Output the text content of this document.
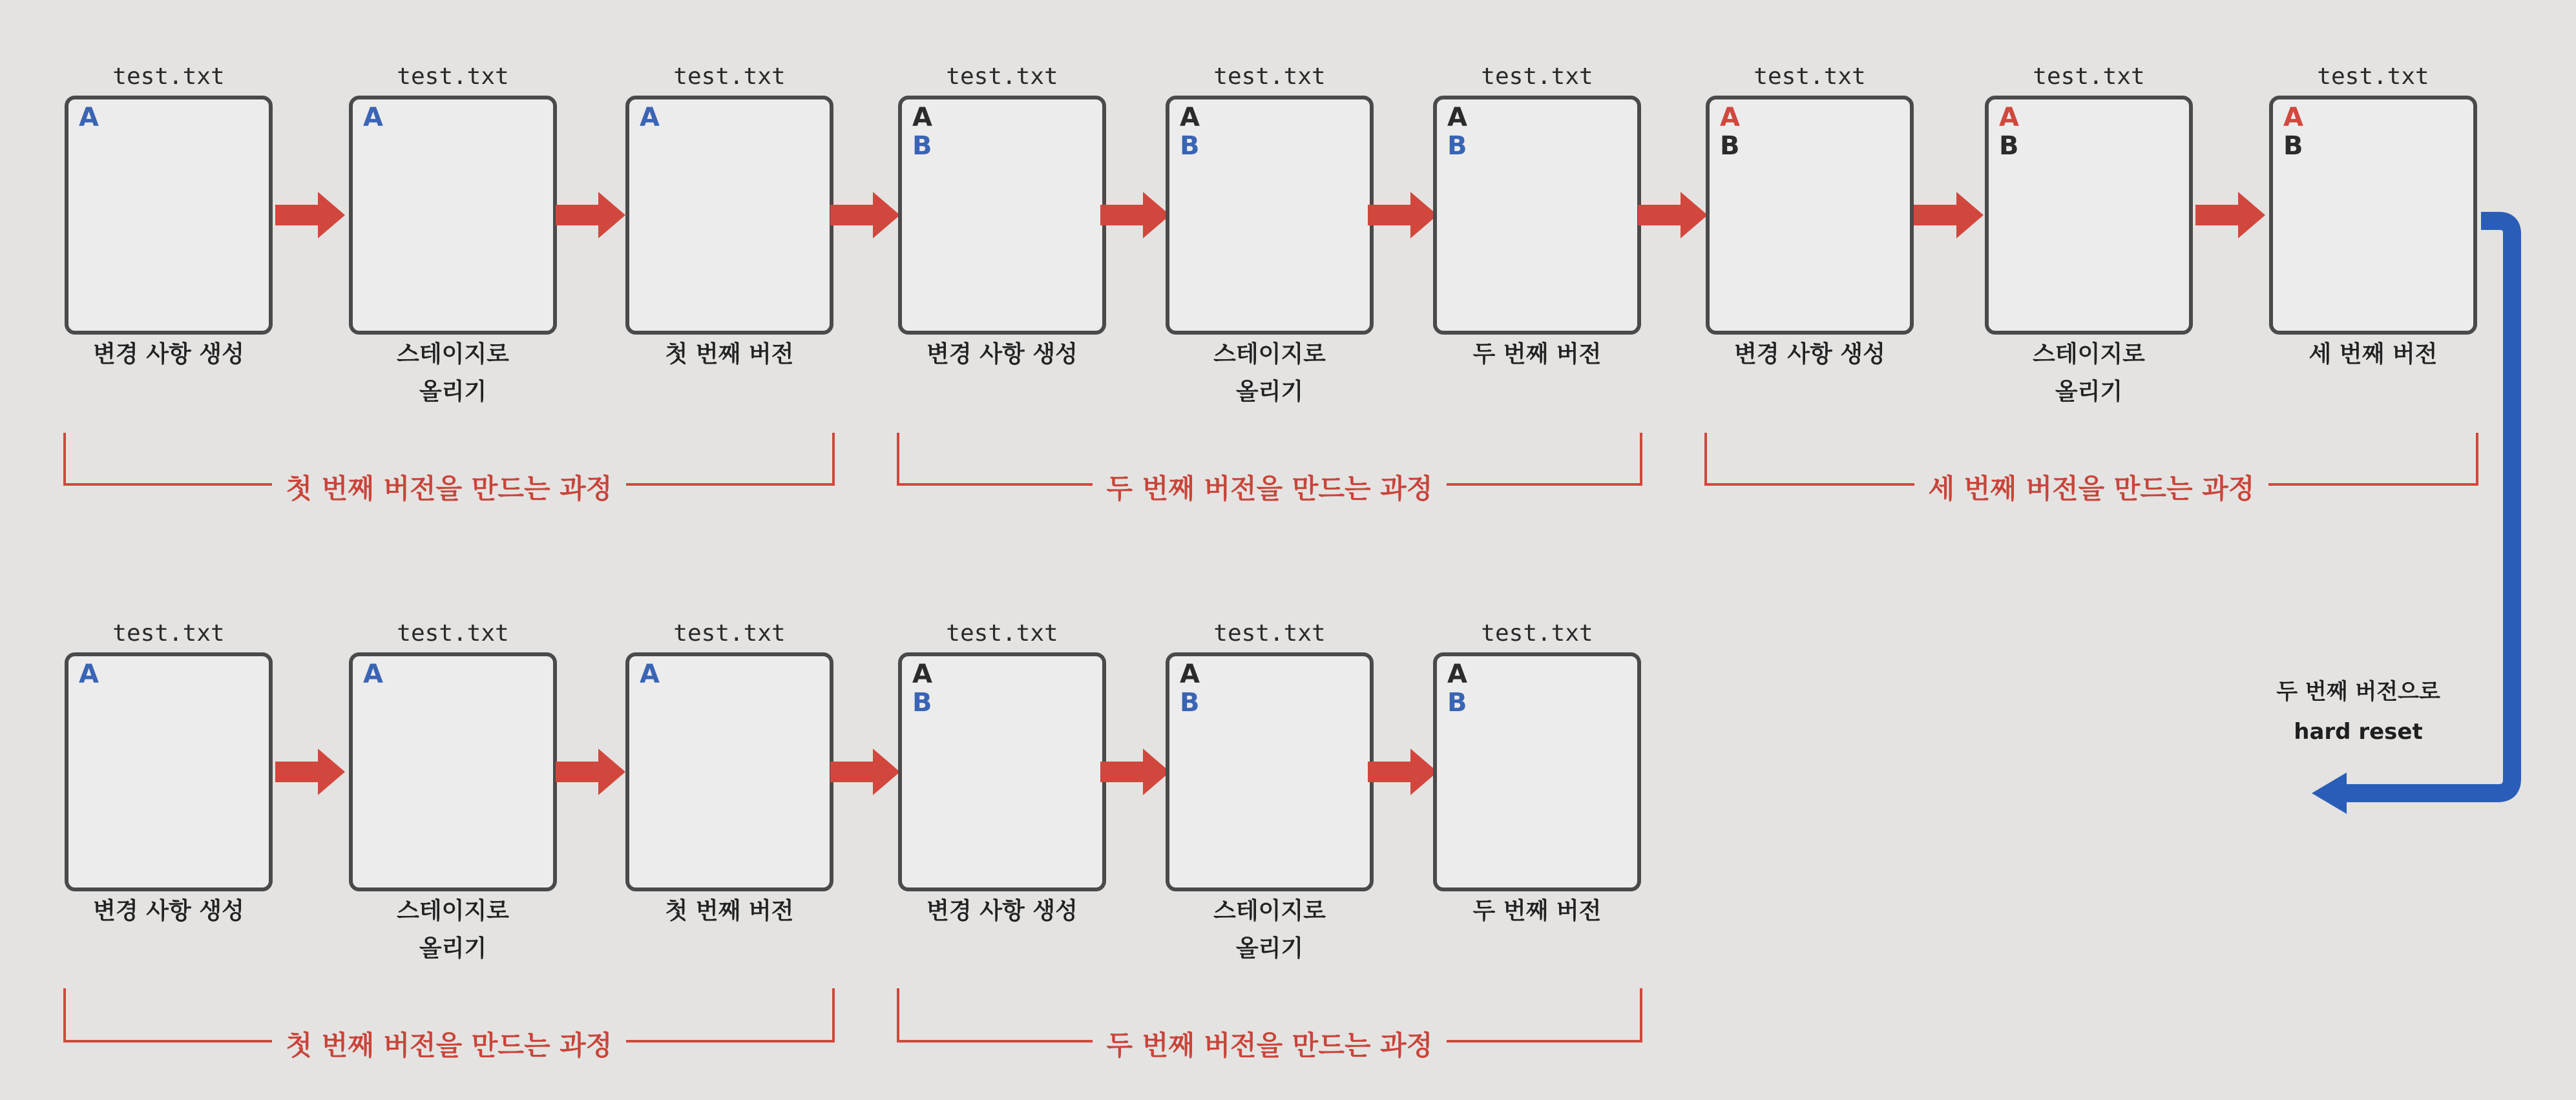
두 번째 버전으로
hard reset
test.txt
A
변경 사항 생성
test.txt
A
스테이지로
올리기
test.txt
A
첫 번째 버전
test.txt
A
B
변경 사항 생성
test.txt
A
B
스테이지로
올리기
test.txt
A
B
두 번째 버전
test.txt
A
B
변경 사항 생성
test.txt
A
B
스테이지로
올리기
test.txt
A
B
세 번째 버전
첫 번째 버전을 만드는 과정	두 번째 버전을 만드는 과정	세 번째 버전을 만드는 과정
test.txt
A
변경 사항 생성
test.txt
A
스테이지로
올리기
test.txt
A
첫 번째 버전
test.txt
A
B
변경 사항 생성
test.txt
A
B
스테이지로
올리기
test.txt
A
B
두 번째 버전
첫 번째 버전을 만드는 과정	두 번째 버전을 만드는 과정
